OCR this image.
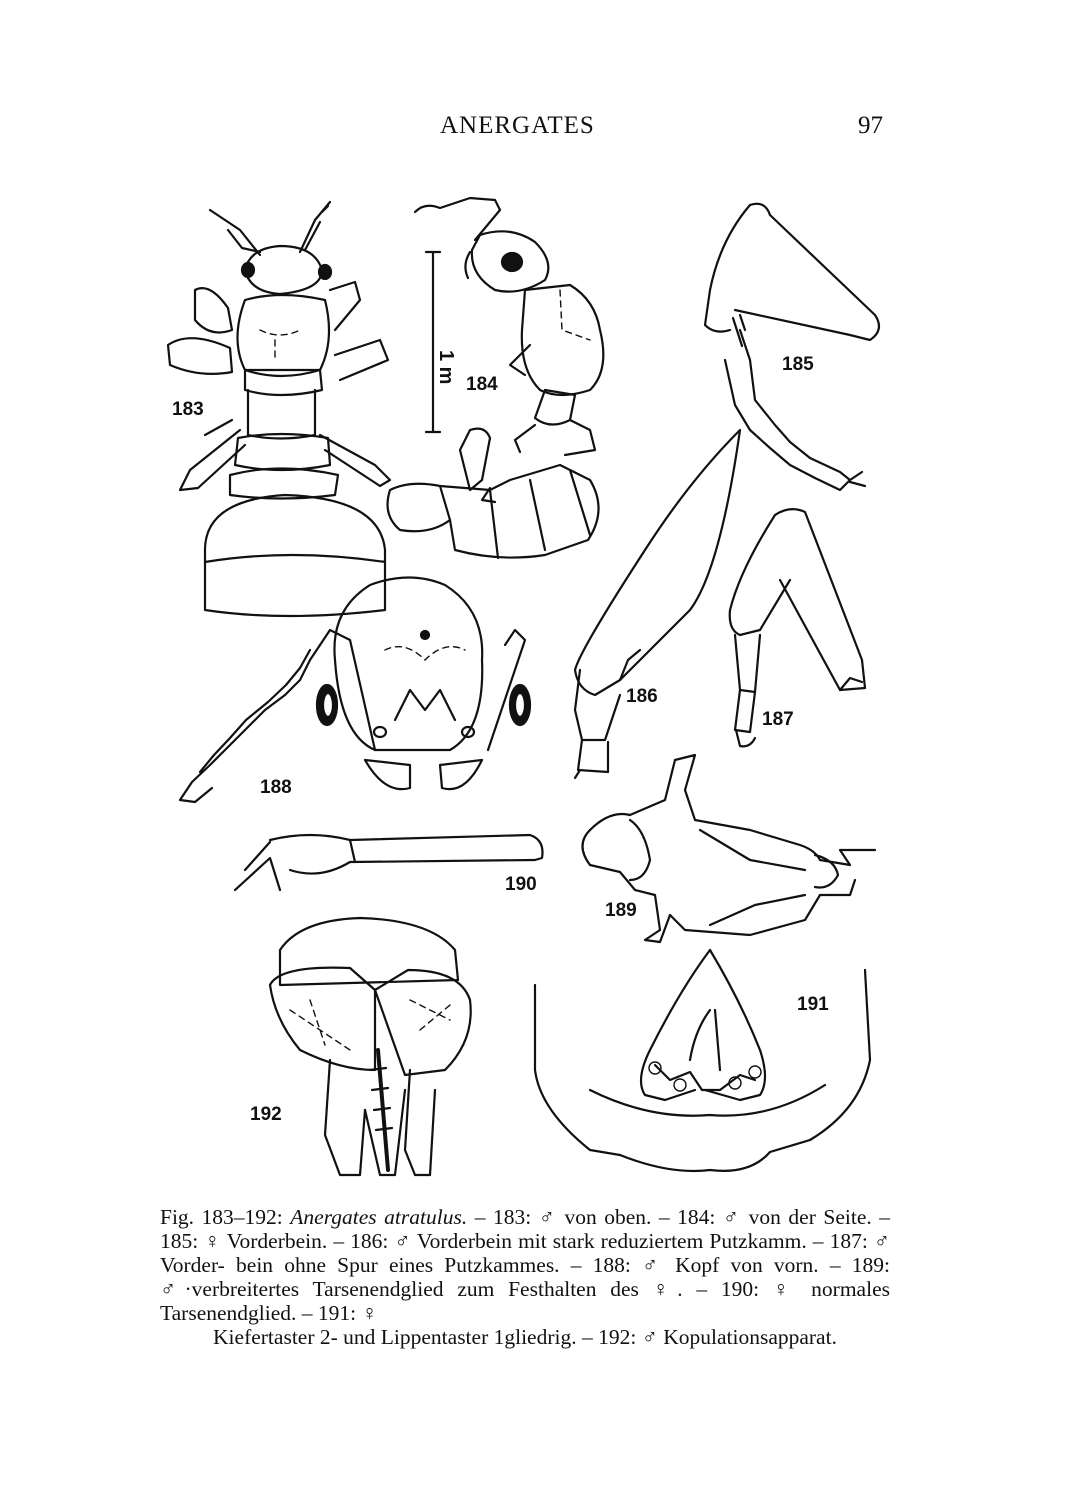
ANERGATES	97
183
1 m
184
185
186
187
188
190
189
191
192
Fig. 183–192: Anergates atratulus. – 183: ♂ von oben. – 184: ♂ von der Seite. – 185: ♀ Vorderbein. – 186: ♂ Vorderbein mit stark reduziertem Putzkamm. – 187: ♂ Vorder- bein ohne Spur eines Putzkammes. – 188: ♂ Kopf von vorn. – 189: ♂·verbreitertes Tarsenendglied zum Festhalten des ♀. – 190: ♀ normales Tarsenendglied. – 191: ♀
Kiefertaster 2- und Lippentaster 1gliedrig. – 192: ♂ Kopulationsapparat.
